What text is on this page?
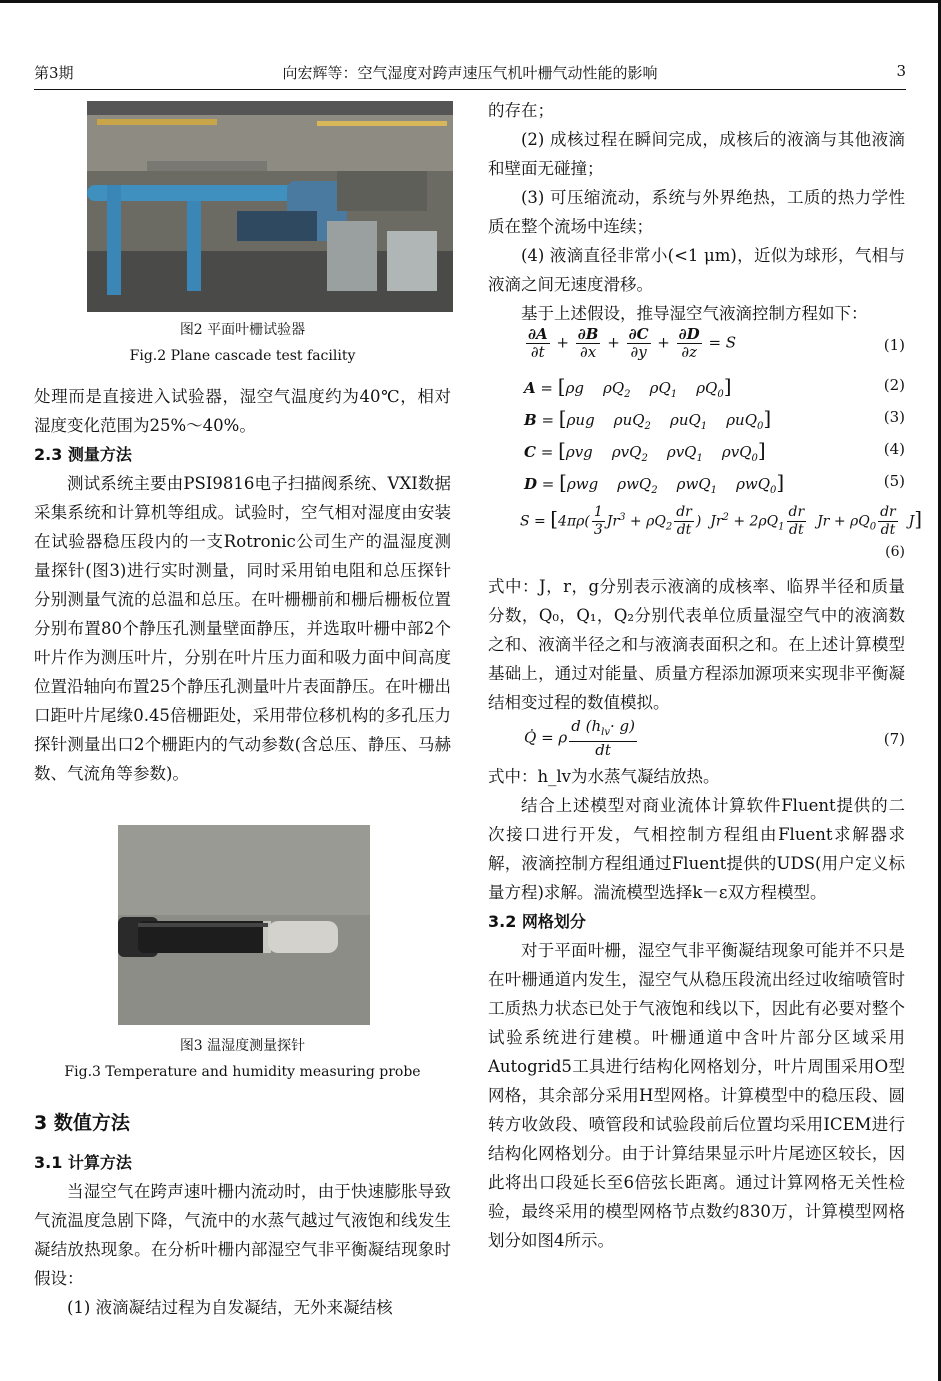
第3期	向宏辉等：空气湿度对跨声速压气机叶栅气动性能的影响	3
图2 平面叶栅试验器
Fig.2 Plane cascade test facility

处理而是直接进入试验器，湿空气温度约为40℃，相对湿度变化范围为25%～40%。

2.3 测量方法

测试系统主要由PSI9816电子扫描阀系统、VXI数据采集系统和计算机等组成。试验时，空气相对湿度由安装在试验器稳压段内的一支Rotronic公司生产的温湿度测量探针(图3)进行实时测量，同时采用铂电阻和总压探针分别测量气流的总温和总压。在叶栅栅前和栅后栅板位置分别布置80个静压孔测量壁面静压，并选取叶栅中部2个叶片作为测压叶片，分别在叶片压力面和吸力面中间高度位置沿轴向布置25个静压孔测量叶片表面静压。在叶栅出口距叶片尾缘0.45倍栅距处，采用带位移机构的多孔压力探针测量出口2个栅距内的气动参数(含总压、静压、马赫数、气流角等参数)。

图3 温湿度测量探针
Fig.3 Temperature and humidity measuring probe

3 数值方法

3.1 计算方法

当湿空气在跨声速叶栅内流动时，由于快速膨胀导致气流温度急剧下降，气流中的水蒸气越过气液饱和线发生凝结放热现象。在分析叶栅内部湿空气非平衡凝结现象时假设：

(1) 液滴凝结过程为自发凝结，无外来凝结核

的存在；

(2) 成核过程在瞬间完成，成核后的液滴与其他液滴和壁面无碰撞；

(3) 可压缩流动，系统与外界绝热，工质的热力学性质在整个流场中连续；

(4) 液滴直径非常小(<1 μm)，近似为球形，气相与液滴之间无速度滑移。

基于上述假设，推导湿空气液滴控制方程如下：

$\frac{\partial A}{\partial t} + \frac{\partial B}{\partial x} + \frac{\partial C}{\partial y} + \frac{\partial D}{\partial z} = S$	(1)
A = [ρg    $\rho Q_2$    $\rho Q_1$    $\rho Q_0$]	(2)
B = [ρug    ρuQ$_2$    ρuQ$_1$    ρuQ$_0$]	(3)
C = [ρvg    ρvQ$_2$    ρvQ$_1$    ρvQ$_0$]	(4)
D = [ρwg    ρwQ$_2$    ρwQ$_1$    ρwQ$_0$]	(5)
$S = [4\pi\rho( \frac{1}{3} Jr^3 + \rho Q_2 \frac{dr}{dt}$ )  $Jr^2 + 2\rho Q_1 \frac{dr}{dt}$ $Jr + \rho Q_0 \frac{dr}{dt} J$]
(6)

式中：J，r，g分别表示液滴的成核率、临界半径和质量分数，Q₀，Q₁，Q₂分别代表单位质量湿空气中的液滴数之和、液滴半径之和与液滴表面积之和。在上述计算模型基础上，通过对能量、质量方程添加源项来实现非平衡凝结相变过程的数值模拟。

Q̇ = ρ $\frac{d (h_{lv}\cdot g)}{dt}$	(7)

式中：h_lv为水蒸气凝结放热。

结合上述模型对商业流体计算软件Fluent提供的二次接口进行开发，气相控制方程组由Fluent求解器求解，液滴控制方程组通过Fluent提供的UDS(用户定义标量方程)求解。湍流模型选择k－ε双方程模型。

3.2 网格划分

对于平面叶栅，湿空气非平衡凝结现象可能并不只是在叶栅通道内发生，湿空气从稳压段流出经过收缩喷管时工质热力状态已处于气液饱和线以下，因此有必要对整个试验系统进行建模。叶栅通道中含叶片部分区域采用Autogrid5工具进行结构化网格划分，叶片周围采用O型网格，其余部分采用H型网格。计算模型中的稳压段、圆转方收敛段、喷管段和试验段前后位置均采用ICEM进行结构化网格划分。由于计算结果显示叶片尾迹区较长，因此将出口段延长至6倍弦长距离。通过计算网格无关性检验，最终采用的模型网格节点数约830万，计算模型网格划分如图4所示。
